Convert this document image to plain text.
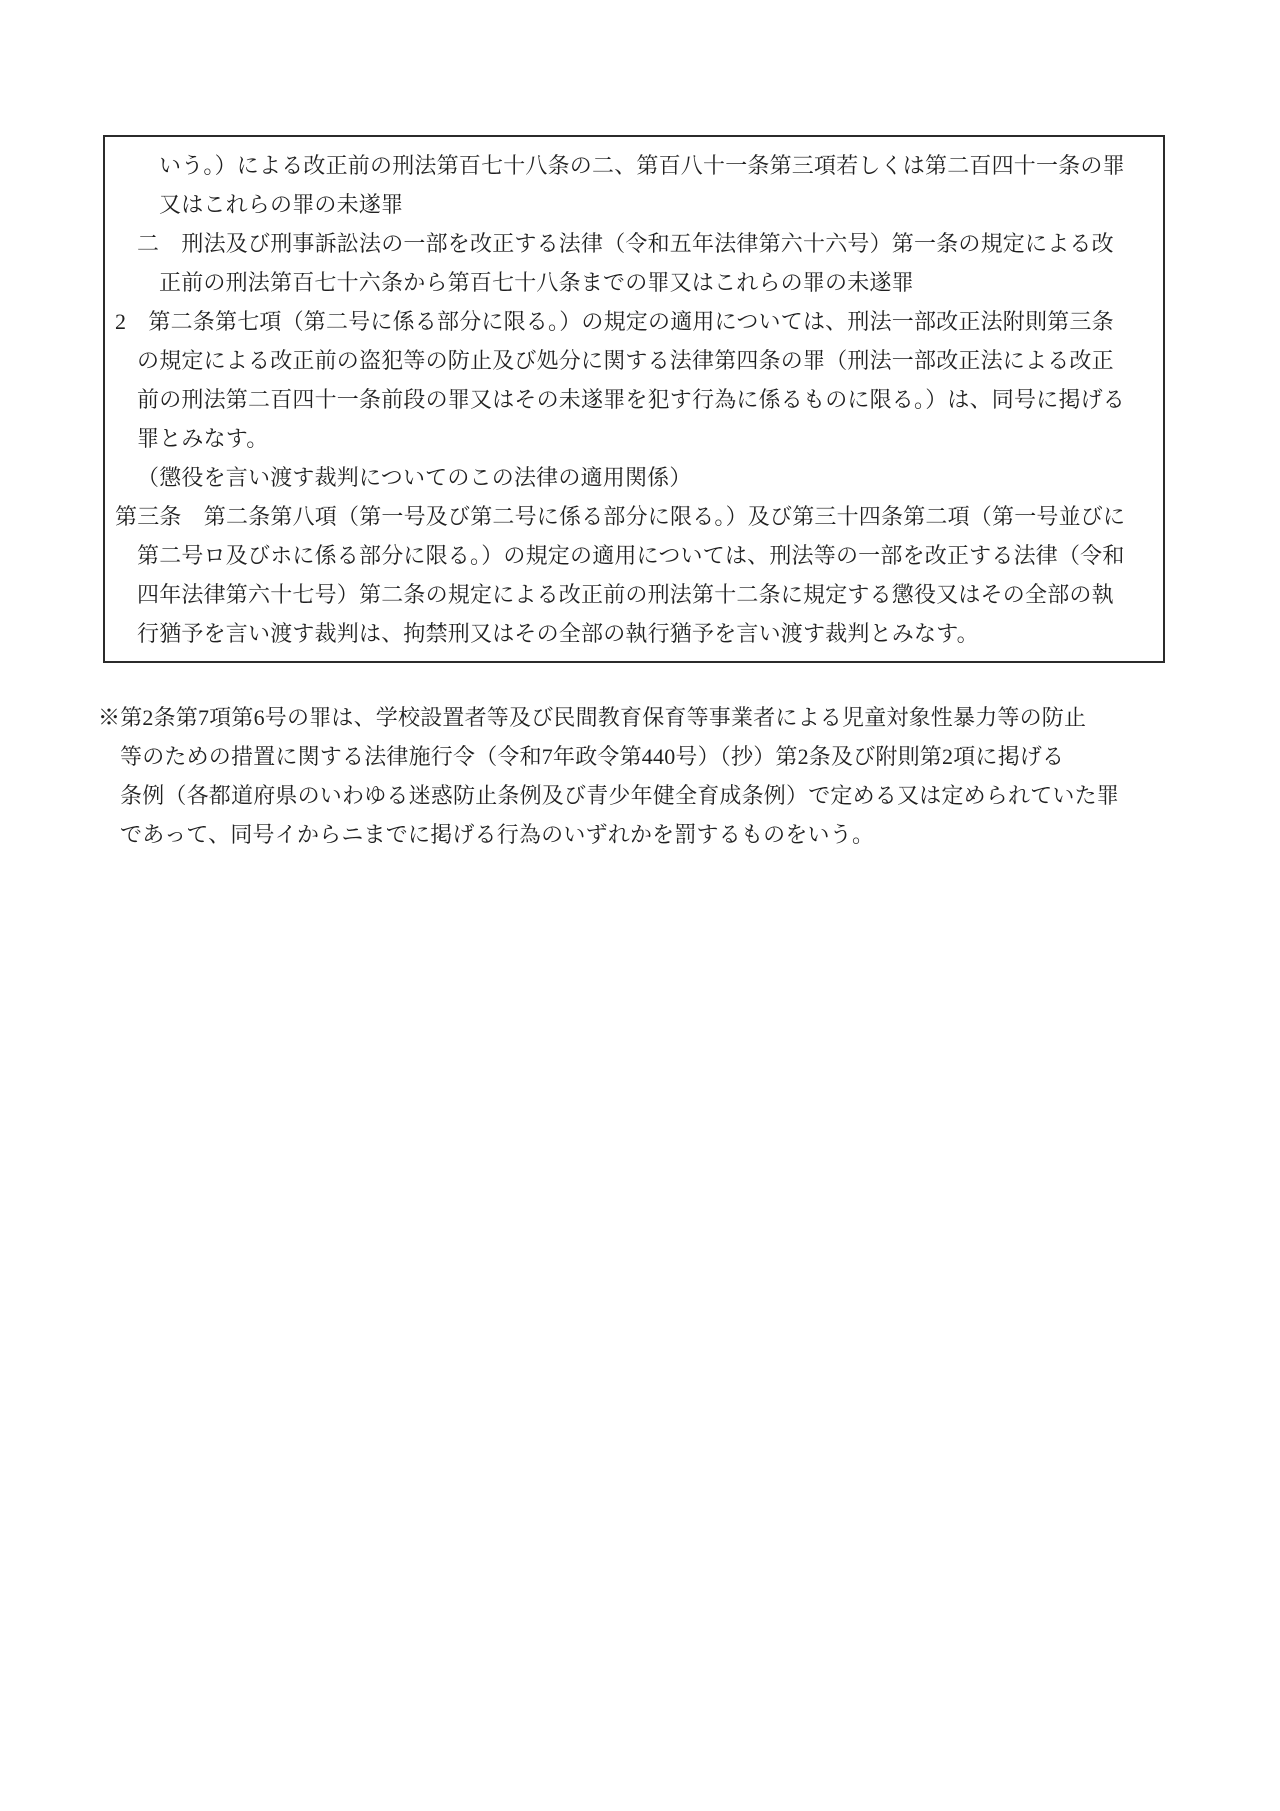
いう。）による改正前の刑法第百七十八条の二、第百八十一条第三項若しくは第二百四十一条の罪

又はこれらの罪の未遂罪

二　刑法及び刑事訴訟法の一部を改正する法律（令和五年法律第六十六号）第一条の規定による改

正前の刑法第百七十六条から第百七十八条までの罪又はこれらの罪の未遂罪

2　第二条第七項（第二号に係る部分に限る。）の規定の適用については、刑法一部改正法附則第三条

の規定による改正前の盗犯等の防止及び処分に関する法律第四条の罪（刑法一部改正法による改正

前の刑法第二百四十一条前段の罪又はその未遂罪を犯す行為に係るものに限る。）は、同号に掲げる

罪とみなす。

（懲役を言い渡す裁判についてのこの法律の適用関係）

第三条　第二条第八項（第一号及び第二号に係る部分に限る。）及び第三十四条第二項（第一号並びに

第二号ロ及びホに係る部分に限る。）の規定の適用については、刑法等の一部を改正する法律（令和

四年法律第六十七号）第二条の規定による改正前の刑法第十二条に規定する懲役又はその全部の執

行猶予を言い渡す裁判は、拘禁刑又はその全部の執行猶予を言い渡す裁判とみなす。

※第2条第7項第6号の罪は、学校設置者等及び民間教育保育等事業者による児童対象性暴力等の防止

等のための措置に関する法律施行令（令和7年政令第440号）（抄）第2条及び附則第2項に掲げる

条例（各都道府県のいわゆる迷惑防止条例及び青少年健全育成条例）で定める又は定められていた罪

であって、同号イからニまでに掲げる行為のいずれかを罰するものをいう。
